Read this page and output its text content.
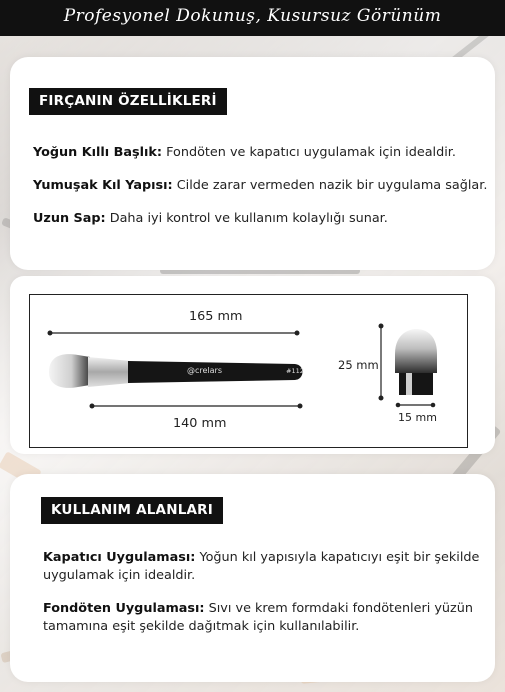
Profesyonel Dokunuş, Kusursuz Görünüm
FIRÇANIN ÖZELLİKLERİ
Yoğun Kıllı Başlık: Fondöten ve kapatıcı uygulamak için idealdir.
Yumuşak Kıl Yapısı: Cilde zarar vermeden nazik bir uygulama sağlar.
Uzun Sap: Daha iyi kontrol ve kullanım kolaylığı sunar.
165 mm
140 mm
25 mm
15 mm
@crelars	#112
KULLANIM ALANLARI
Kapatıcı Uygulaması: Yoğun kıl yapısıyla kapatıcıyı eşit bir şekilde uygulamak için idealdir.
Fondöten Uygulaması: Sıvı ve krem formdaki fondötenleri yüzün tamamına eşit şekilde dağıtmak için kullanılabilir.
